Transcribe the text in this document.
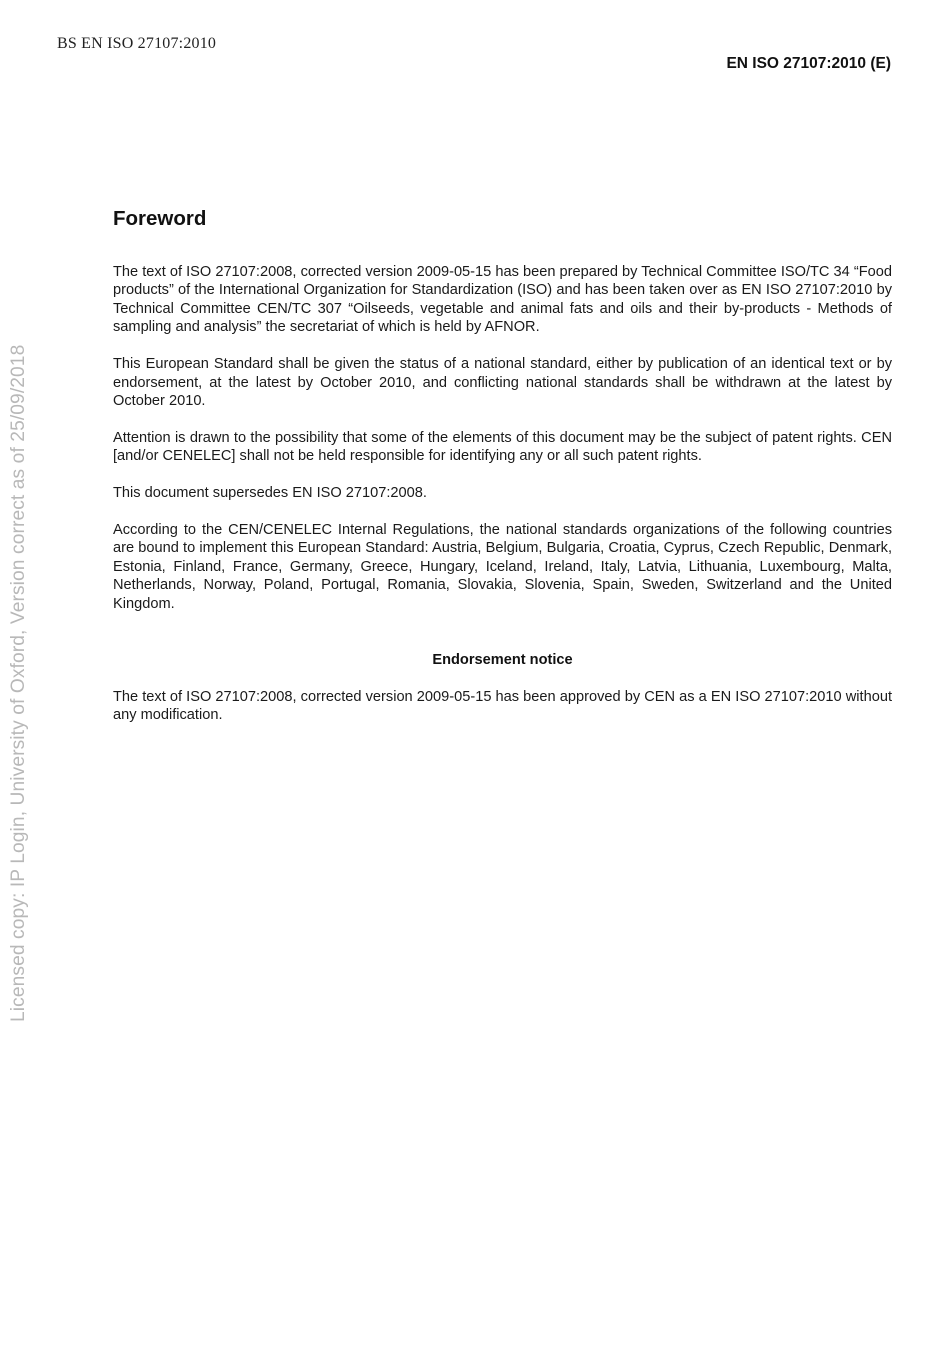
BS EN ISO 27107:2010
EN ISO 27107:2010 (E)
Licensed copy: IP Login, University of Oxford, Version correct as of 25/09/2018
Foreword

The text of ISO 27107:2008, corrected version 2009-05-15 has been prepared by Technical Committee ISO/TC 34 “Food products” of the International Organization for Standardization (ISO) and has been taken over as EN ISO 27107:2010 by Technical Committee CEN/TC 307 “Oilseeds, vegetable and animal fats and oils and their by-products - Methods of sampling and analysis” the secretariat of which is held by AFNOR.

This European Standard shall be given the status of a national standard, either by publication of an identical text or by endorsement, at the latest by October 2010, and conflicting national standards shall be withdrawn at the latest by October 2010.

Attention is drawn to the possibility that some of the elements of this document may be the subject of patent rights. CEN [and/or CENELEC] shall not be held responsible for identifying any or all such patent rights.

This document supersedes EN ISO 27107:2008.

According to the CEN/CENELEC Internal Regulations, the national standards organizations of the following countries are bound to implement this European Standard: Austria, Belgium, Bulgaria, Croatia, Cyprus, Czech Republic, Denmark, Estonia, Finland, France, Germany, Greece, Hungary, Iceland, Ireland, Italy, Latvia, Lithuania, Luxembourg, Malta, Netherlands, Norway, Poland, Portugal, Romania, Slovakia, Slovenia, Spain, Sweden, Switzerland and the United Kingdom.

Endorsement notice

The text of ISO 27107:2008, corrected version 2009-05-15 has been approved by CEN as a EN ISO 27107:2010 without any modification.
